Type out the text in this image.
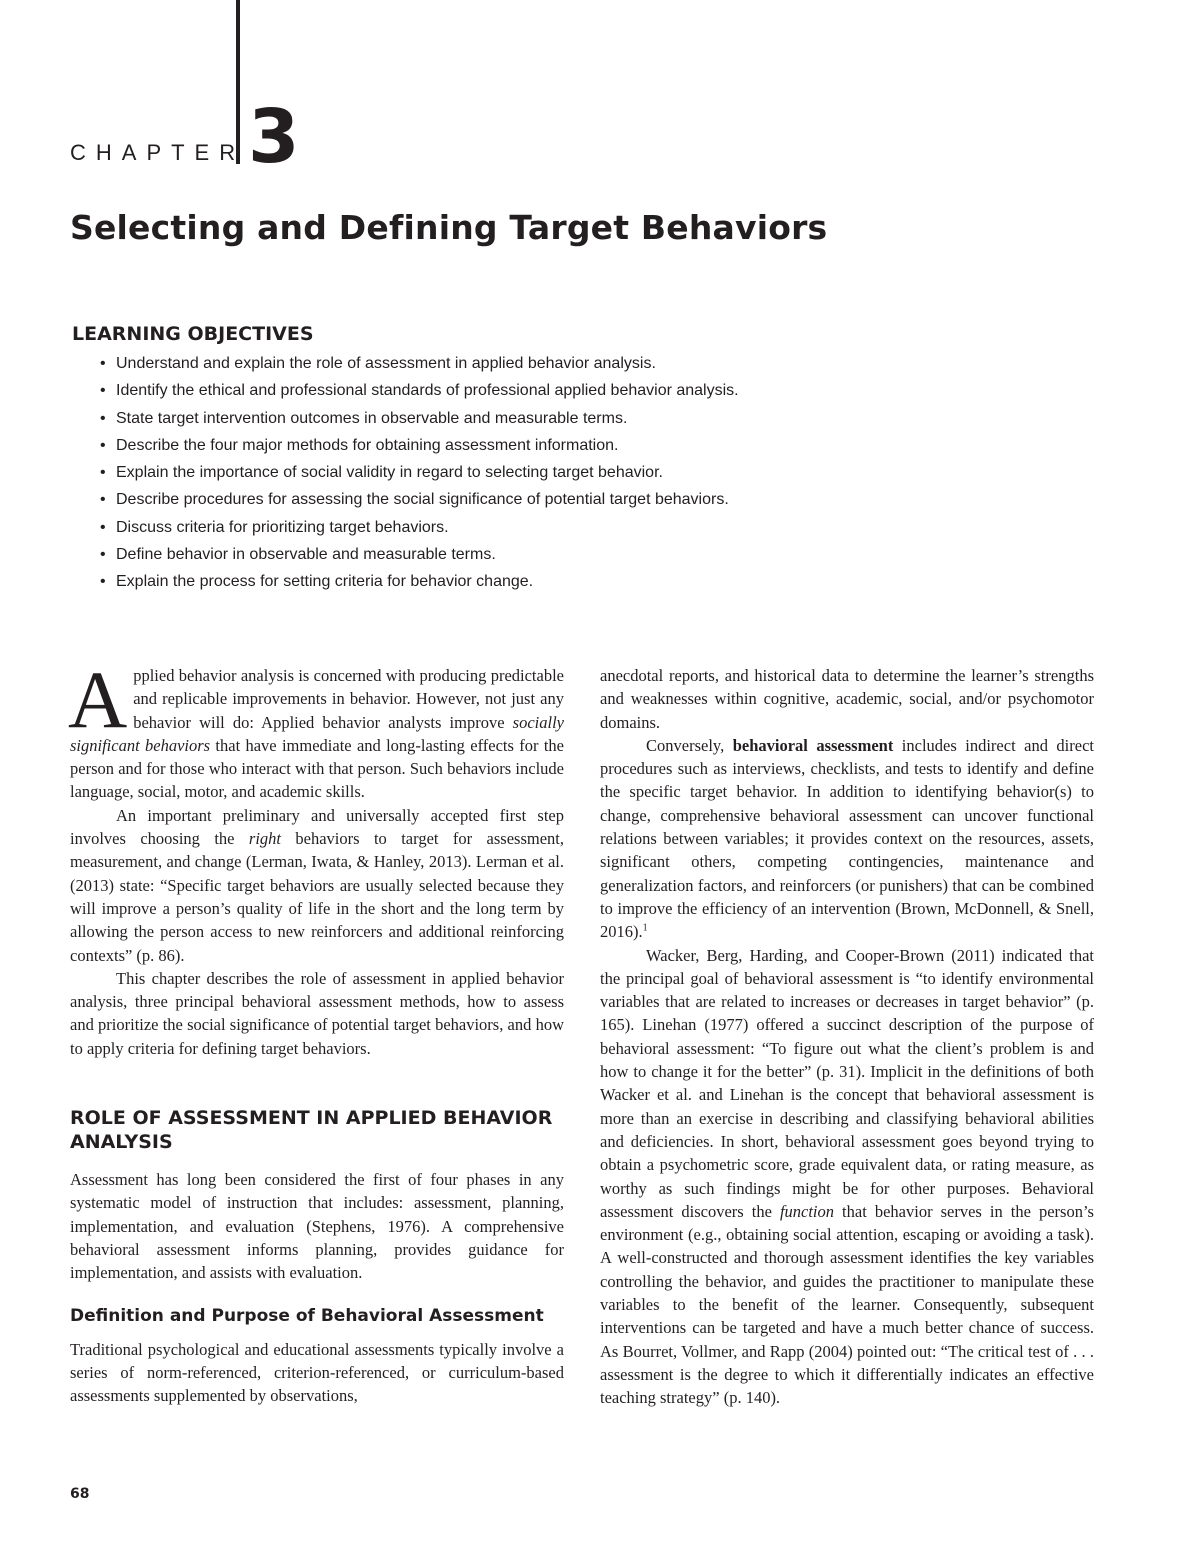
CHAPTER 3
Selecting and Defining Target Behaviors
LEARNING OBJECTIVES
• Understand and explain the role of assessment in applied behavior analysis.
• Identify the ethical and professional standards of professional applied behavior analysis.
• State target intervention outcomes in observable and measurable terms.
• Describe the four major methods for obtaining assessment information.
• Explain the importance of social validity in regard to selecting target behavior.
• Describe procedures for assessing the social significance of potential target behaviors.
• Discuss criteria for prioritizing target behaviors.
• Define behavior in observable and measurable terms.
• Explain the process for setting criteria for behavior change.

Applied behavior analysis is concerned with producing predictable and replicable improvements in behavior. However, not just any behavior will do: Applied behavior analysts improve socially significant behaviors that have immediate and long-lasting effects for the person and for those who interact with that person. Such behaviors include language, social, motor, and academic skills.

An important preliminary and universally accepted first step involves choosing the right behaviors to target for assessment, measurement, and change (Lerman, Iwata, & Hanley, 2013). Lerman et al. (2013) state: “Specific target behaviors are usually selected because they will improve a person’s quality of life in the short and the long term by allowing the person access to new reinforcers and additional reinforcing contexts” (p. 86).

This chapter describes the role of assessment in applied behavior analysis, three principal behavioral assessment methods, how to assess and prioritize the social significance of potential target behaviors, and how to apply criteria for defining target behaviors.

ROLE OF ASSESSMENT IN APPLIED BEHAVIOR ANALYSIS

Assessment has long been considered the first of four phases in any systematic model of instruction that includes: assessment, planning, implementation, and evaluation (Stephens, 1976). A comprehensive behavioral assessment informs planning, provides guidance for implementation, and assists with evaluation.

Definition and Purpose of Behavioral Assessment

Traditional psychological and educational assessments typically involve a series of norm-referenced, criterion-referenced, or curriculum-based assessments supplemented by observations,

anecdotal reports, and historical data to determine the learner’s strengths and weaknesses within cognitive, academic, social, and/or psychomotor domains.

Conversely, behavioral assessment includes indirect and direct procedures such as interviews, checklists, and tests to identify and define the specific target behavior. In addition to identifying behavior(s) to change, comprehensive behavioral assessment can uncover functional relations between variables; it provides context on the resources, assets, significant others, competing contingencies, maintenance and generalization factors, and reinforcers (or punishers) that can be combined to improve the efficiency of an intervention (Brown, McDonnell, & Snell, 2016).$^1$

Wacker, Berg, Harding, and Cooper-Brown (2011) indicated that the principal goal of behavioral assessment is “to identify environmental variables that are related to increases or decreases in target behavior” (p. 165). Linehan (1977) offered a succinct description of the purpose of behavioral assessment: “To figure out what the client’s problem is and how to change it for the better” (p. 31). Implicit in the definitions of both Wacker et al. and Linehan is the concept that behavioral assessment is more than an exercise in describing and classifying behavioral abilities and deficiencies. In short, behavioral assessment goes beyond trying to obtain a psychometric score, grade equivalent data, or rating measure, as worthy as such findings might be for other purposes. Behavioral assessment discovers the function that behavior serves in the person’s environment (e.g., obtaining social attention, escaping or avoiding a task). A well-constructed and thorough assessment identifies the key variables controlling the behavior, and guides the practitioner to manipulate these variables to the benefit of the learner. Consequently, subsequent interventions can be targeted and have a much better chance of success. As Bourret, Vollmer, and Rapp (2004) pointed out: “The critical test of . . . assessment is the degree to which it differentially indicates an effective teaching strategy” (p. 140).

68
